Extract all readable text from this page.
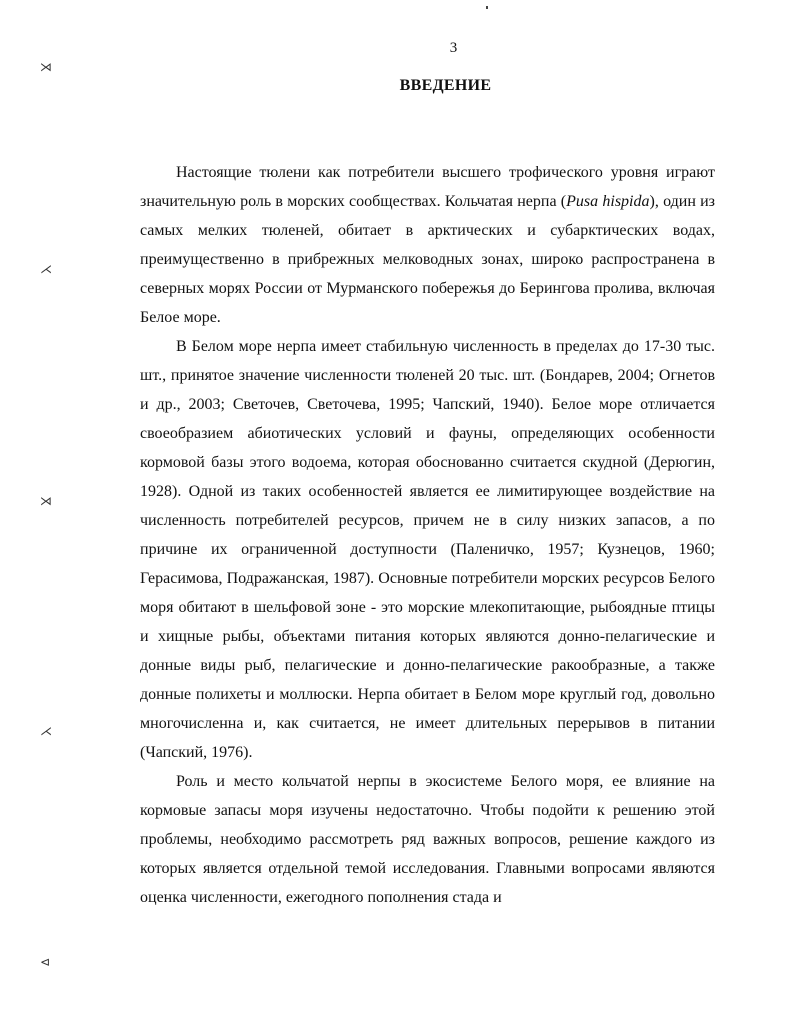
⋊
⋌
⋊
⋌
⊲
3
ВВЕДЕНИЕ

Настоящие тюлени как потребители высшего трофического уровня играют значительную роль в морских сообществах. Кольчатая нерпа (Pusa hispida), один из самых мелких тюленей, обитает в арктических и субарктических водах, преимущественно в прибрежных мелководных зонах, широко распространена в северных морях России от Мурманского побережья до Берингова пролива, включая Белое море.

В Белом море нерпа имеет стабильную численность в пределах до 17-30 тыс. шт., принятое значение численности тюленей 20 тыс. шт. (Бондарев, 2004; Огнетов и др., 2003; Светочев, Светочева, 1995; Чапский, 1940). Белое море отличается своеобразием абиотических условий и фауны, определяющих особенности кормовой базы этого водоема, которая обоснованно считается скудной (Дерюгин, 1928). Одной из таких особенностей является ее лимитирующее воздействие на численность потребителей ресурсов, причем не в силу низких запасов, а по причине их ограниченной доступности (Паленичко, 1957; Кузнецов, 1960; Герасимова, Подражанская, 1987). Основные потребители морских ресурсов Белого моря обитают в шельфовой зоне - это морские млекопитающие, рыбоядные птицы и хищные рыбы, объектами питания которых являются донно-пелагические и донные виды рыб, пелагические и донно-пелагические ракообразные, а также донные полихеты и моллюски. Нерпа обитает в Белом море круглый год, довольно многочисленна и, как считается, не имеет длительных перерывов в питании (Чапский, 1976).

Роль и место кольчатой нерпы в экосистеме Белого моря, ее влияние на кормовые запасы моря изучены недостаточно. Чтобы подойти к решению этой проблемы, необходимо рассмотреть ряд важных вопросов, решение каждого из которых является отдельной темой исследования. Главными вопросами являются оценка численности, ежегодного пополнения стада и
